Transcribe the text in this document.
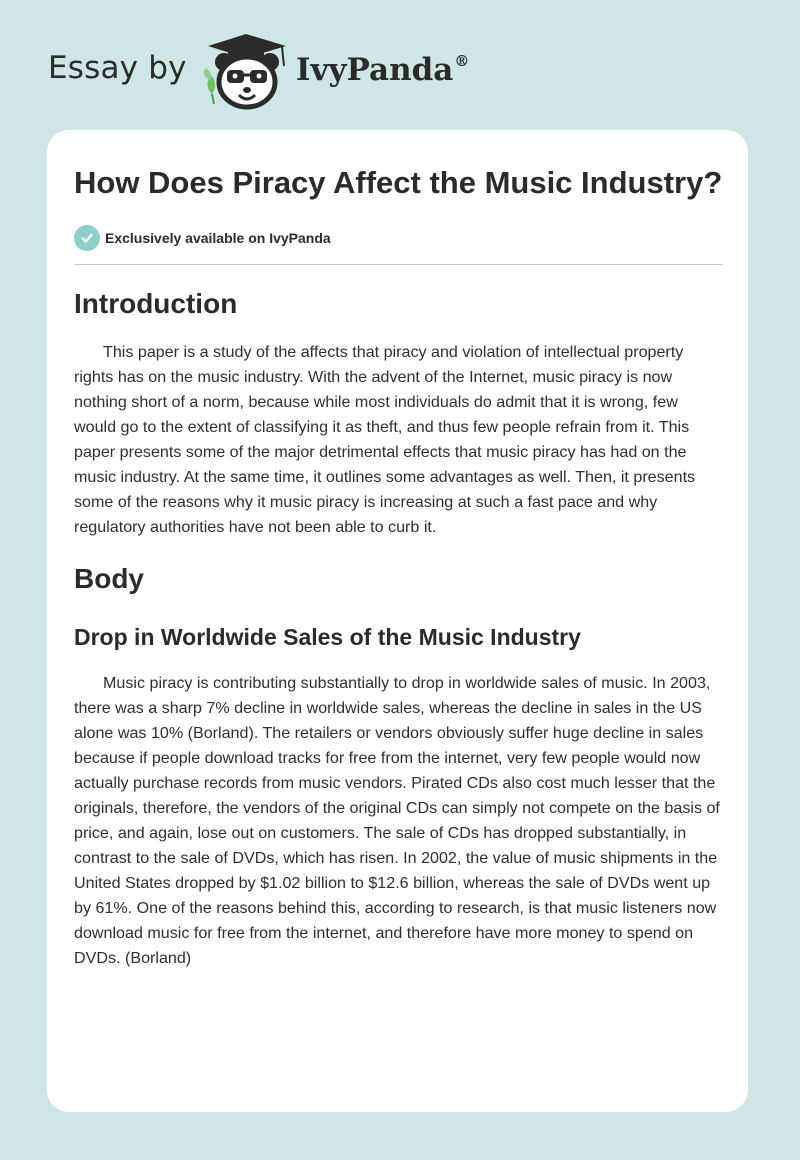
Essay by	IvyPanda®
How Does Piracy Affect the Music Industry?
Exclusively available on IvyPanda
Introduction

This paper is a study of the affects that piracy and violation of intellectual property rights has on the music industry. With the advent of the Internet, music piracy is now nothing short of a norm, because while most individuals do admit that it is wrong, few would go to the extent of classifying it as theft, and thus few people refrain from it. This paper presents some of the major detrimental effects that music piracy has had on the music industry. At the same time, it outlines some advantages as well. Then, it presents some of the reasons why it music piracy is increasing at such a fast pace and why regulatory authorities have not been able to curb it.

Body
Drop in Worldwide Sales of the Music Industry

Music piracy is contributing substantially to drop in worldwide sales of music. In 2003, there was a sharp 7% decline in worldwide sales, whereas the decline in sales in the US alone was 10% (Borland). The retailers or vendors obviously suffer huge decline in sales because if people download tracks for free from the internet, very few people would now actually purchase records from music vendors. Pirated CDs also cost much lesser that the originals, therefore, the vendors of the original CDs can simply not compete on the basis of price, and again, lose out on customers. The sale of CDs has dropped substantially, in contrast to the sale of DVDs, which has risen. In 2002, the value of music shipments in the United States dropped by $1.02 billion to $12.6 billion, whereas the sale of DVDs went up by 61%. One of the reasons behind this, according to research, is that music listeners now download music for free from the internet, and therefore have more money to spend on DVDs. (Borland)
